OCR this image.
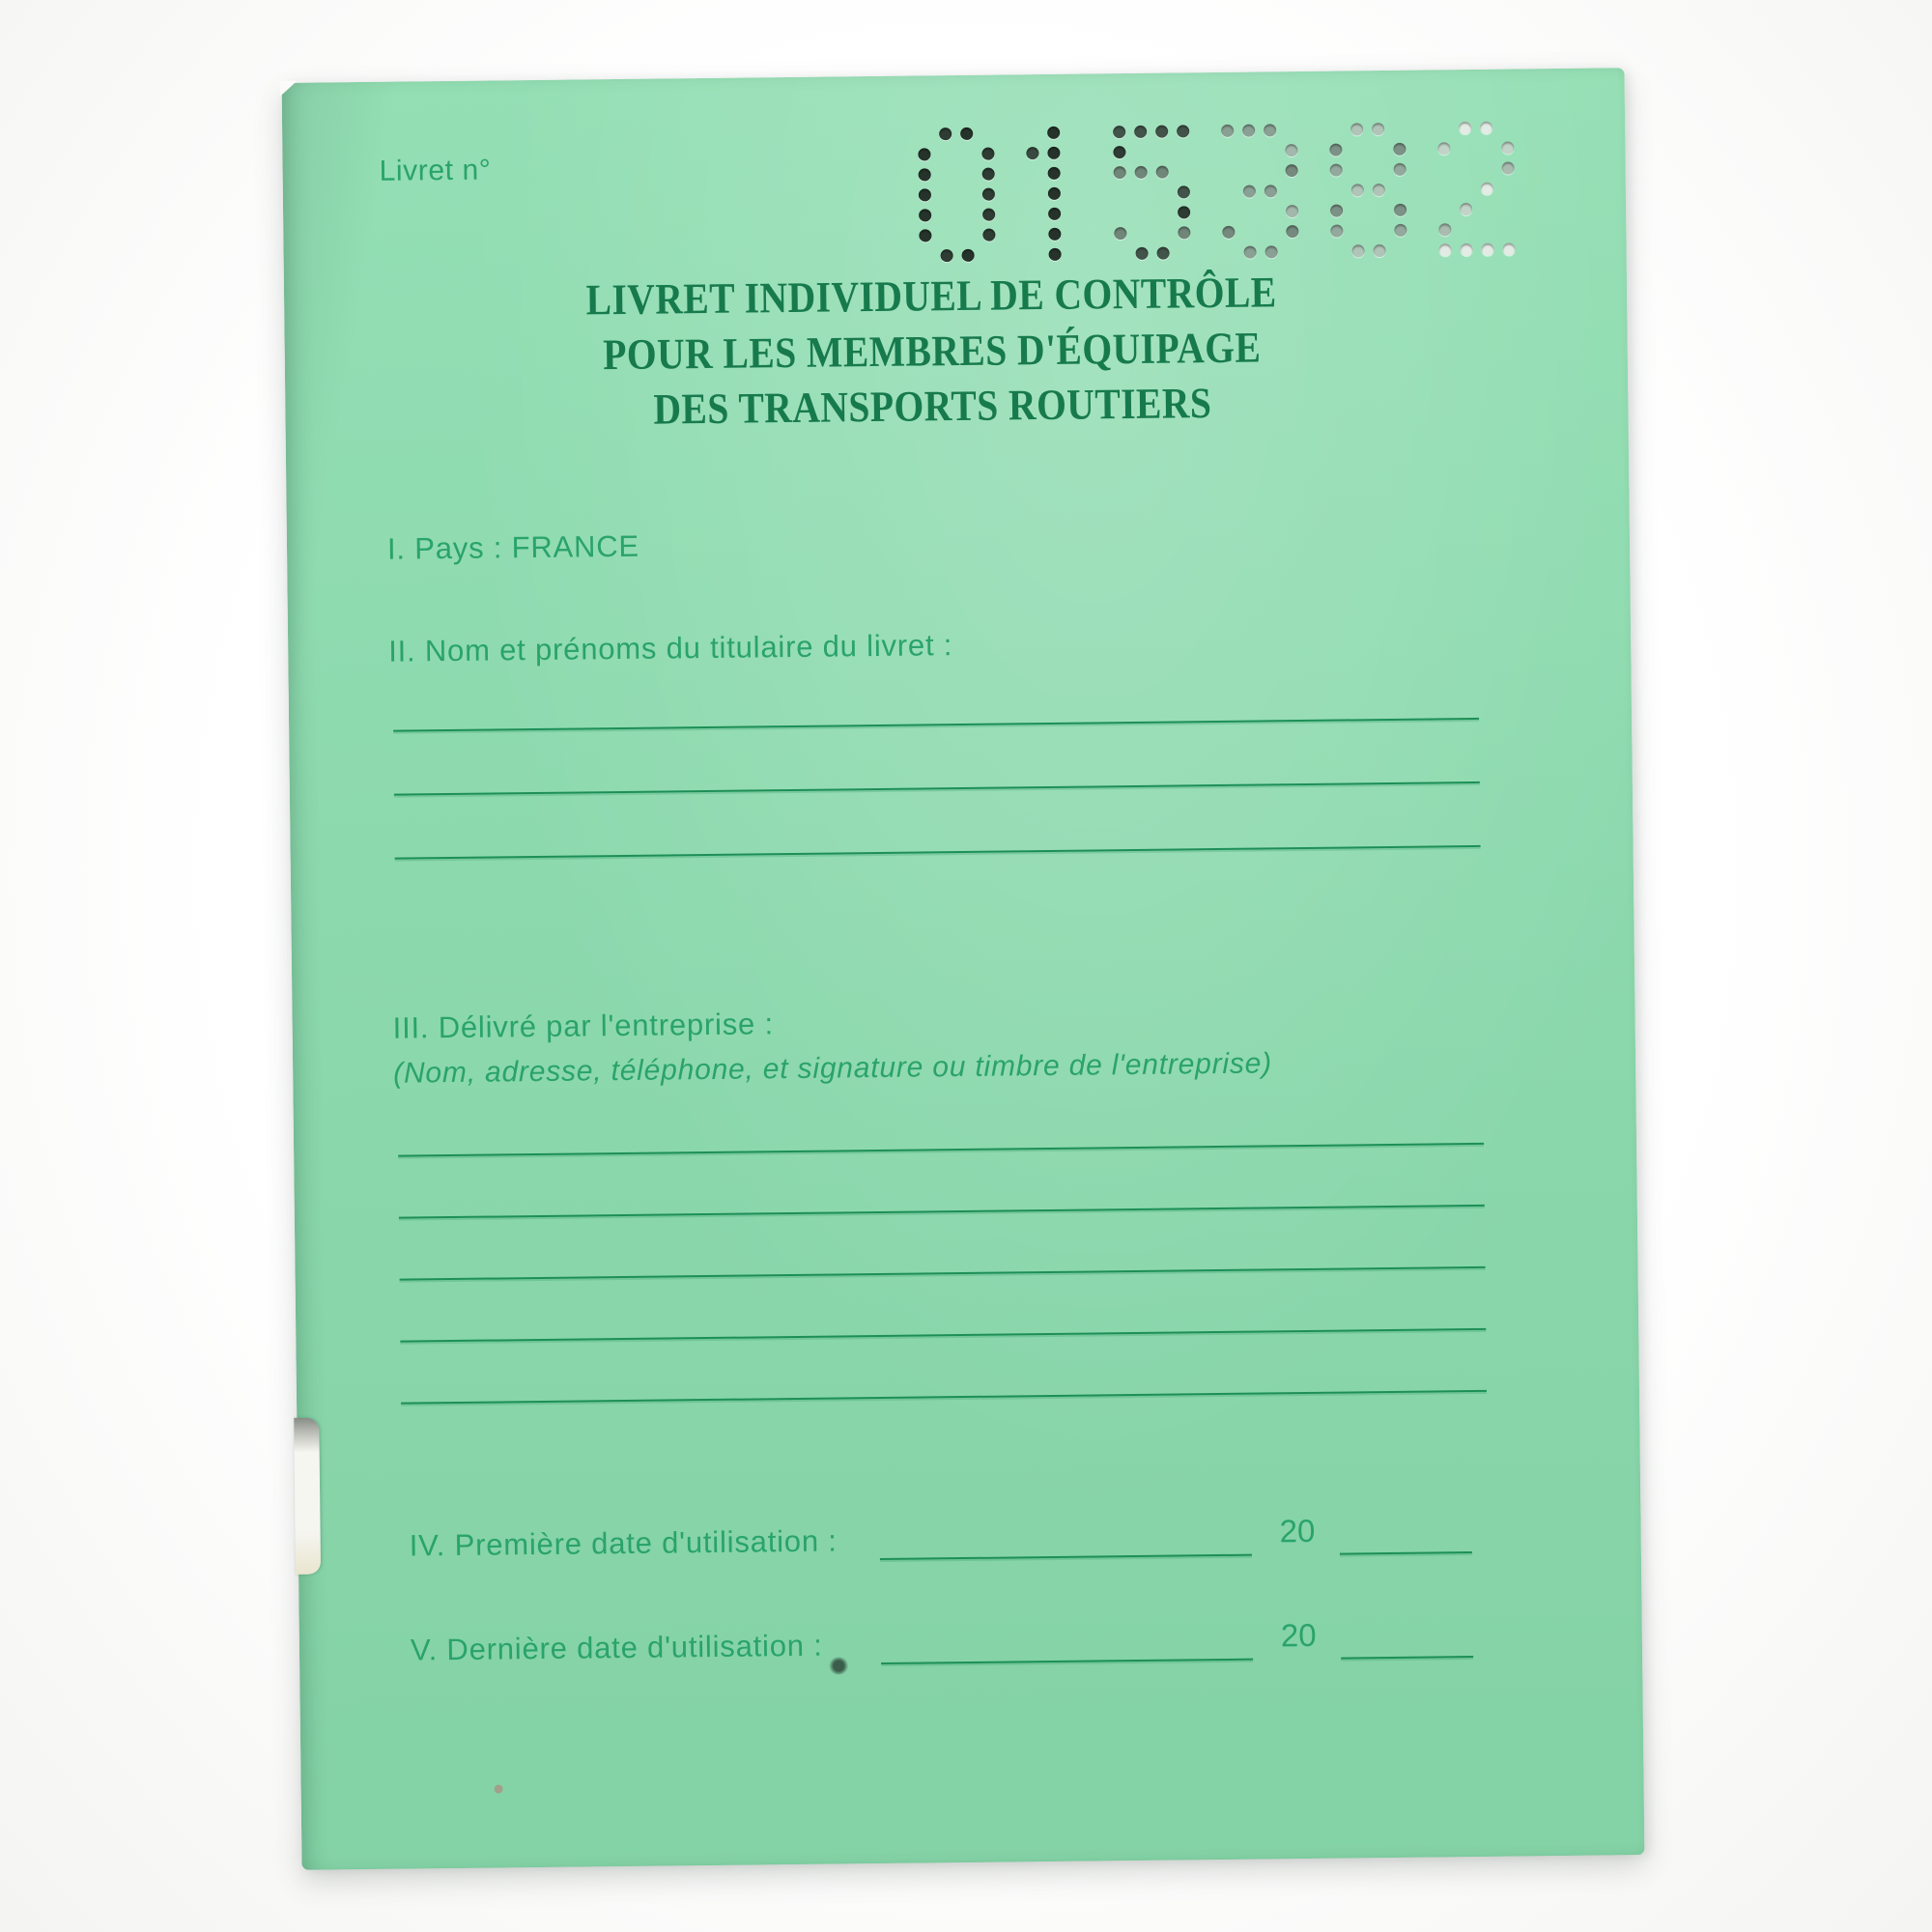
Livret n°
LIVRET INDIVIDUEL DE CONTRÔLE
POUR LES MEMBRES D'ÉQUIPAGE
DES TRANSPORTS ROUTIERS
I. Pays : FRANCE
II. Nom et prénoms du titulaire du livret :
III. Délivré par l'entreprise :
(Nom, adresse, téléphone, et signature ou timbre de l'entreprise)
IV. Première date d'utilisation :	20
V. Dernière date d'utilisation :	20
